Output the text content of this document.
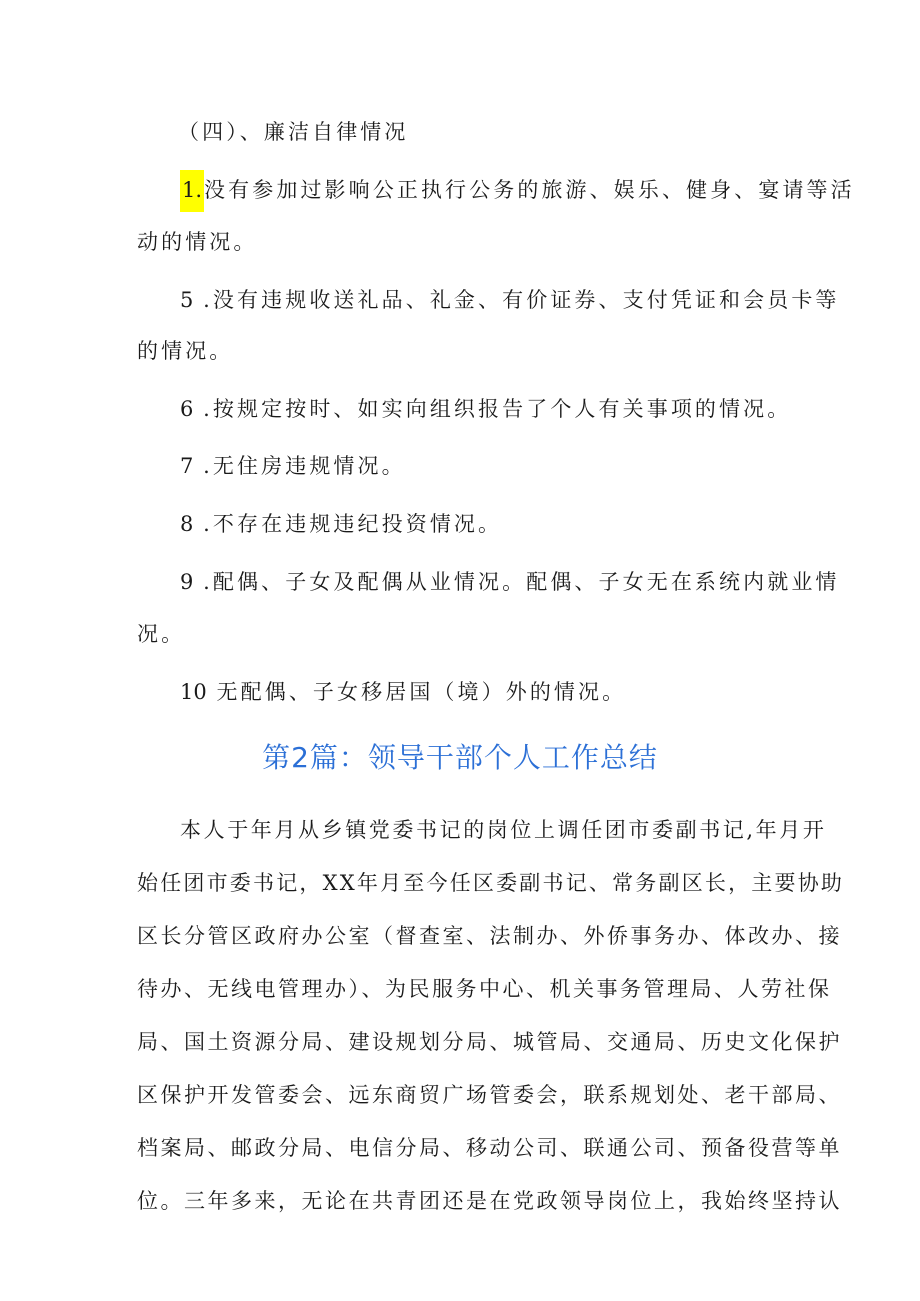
（四）、廉洁自律情况
1.没有参加过影响公正执行公务的旅游、娱乐、健身、宴请等活
动的情况。
5 .没有违规收送礼品、礼金、有价证券、支付凭证和会员卡等
的情况。
6 .按规定按时、如实向组织报告了个人有关事项的情况。
7 .无住房违规情况。
8 .不存在违规违纪投资情况。
9 .配偶、子女及配偶从业情况。配偶、子女无在系统内就业情
况。
10 无配偶、子女移居国（境）外的情况。
第2篇：领导干部个人工作总结
本人于年月从乡镇党委书记的岗位上调任团市委副书记,年月开
始任团市委书记，XX年月至今任区委副书记、常务副区长，主要协助
区长分管区政府办公室（督查室、法制办、外侨事务办、体改办、接
待办、无线电管理办）、为民服务中心、机关事务管理局、人劳社保
局、国土资源分局、建设规划分局、城管局、交通局、历史文化保护
区保护开发管委会、远东商贸广场管委会，联系规划处、老干部局、
档案局、邮政分局、电信分局、移动公司、联通公司、预备役营等单
位。三年多来，无论在共青团还是在党政领导岗位上，我始终坚持认
